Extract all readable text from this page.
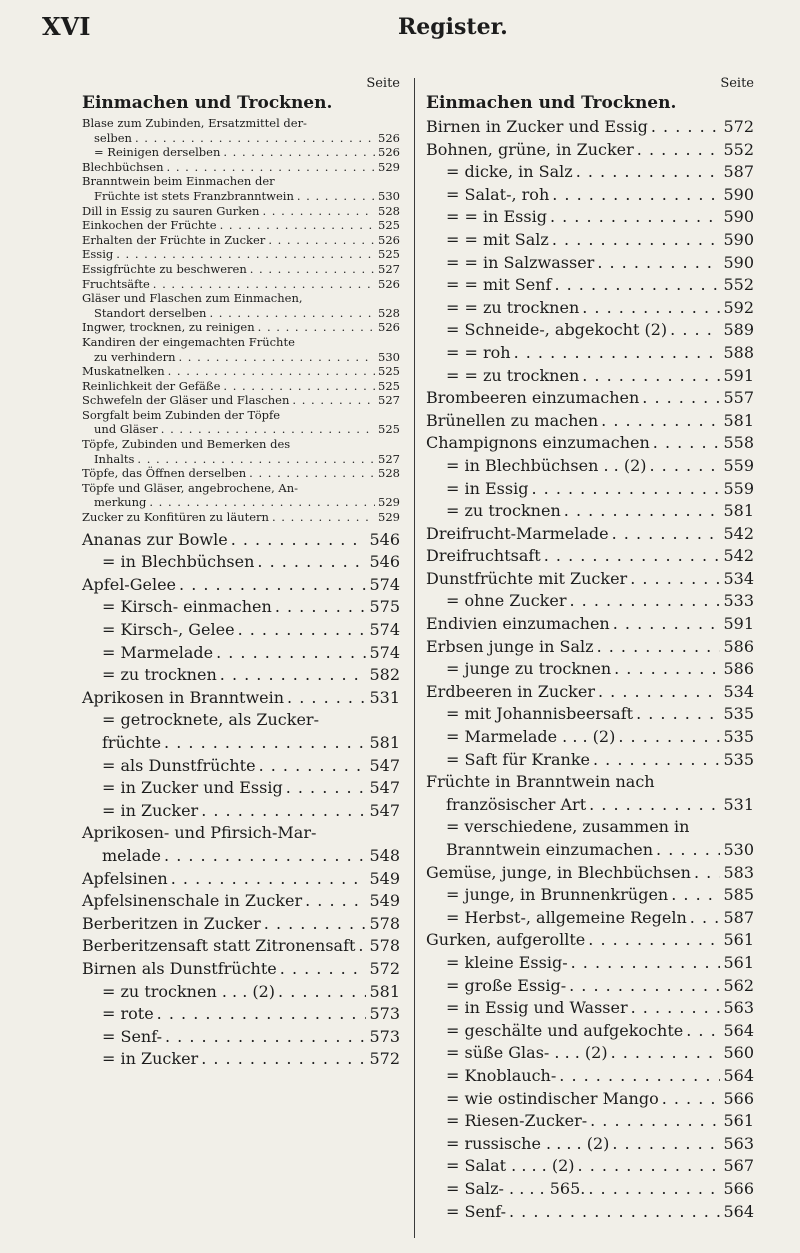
XVI	Register.
Seite
Einmachen und Trocknen.
Blase zum Zubinden, Ersatzmittel der-
selben . . .	526
= Reinigen derselben . . .	526
Blechbüchsen . . .	529
Branntwein beim Einmachen der
Früchte ist stets Franzbranntwein . . .	530
Dill in Essig zu sauren Gurken . . .	528
Einkochen der Früchte . . .	525
Erhalten der Früchte in Zucker . . .	526
Essig . . .	525
Essigfrüchte zu beschweren . . .	527
Fruchtsäfte . . .	526
Gläser und Flaschen zum Einmachen,
Standort derselben . . .	528
Ingwer, trocknen, zu reinigen . . .	526
Kandiren der eingemachten Früchte
zu verhindern . . .	530
Muskatnelken . . .	525
Reinlichkeit der Gefäße . . .	525
Schwefeln der Gläser und Flaschen . . .	527
Sorgfalt beim Zubinden der Töpfe
und Gläser . . .	525
Töpfe, Zubinden und Bemerken des
Inhalts . . .	527
Töpfe, das Öffnen derselben . . .	528
Töpfe und Gläser, angebrochene, An-
merkung . . .	529
Zucker zu Konfitüren zu läutern . . .	529
Ananas zur Bowle . . .	546
= in Blechbüchsen . . .	546
Apfel-Gelee . . .	574
= Kirsch- einmachen . . .	575
= Kirsch-, Gelee . . .	574
= Marmelade . . .	574
= zu trocknen . . .	582
Aprikosen in Branntwein . . .	531
= getrocknete, als Zucker-
früchte . . .	581
= als Dunstfrüchte . . .	547
= in Zucker und Essig . . .	547
= in Zucker . . .	547
Aprikosen- und Pfirsich-Mar-
melade . . .	548
Apfelsinen . . .	549
Apfelsinenschale in Zucker . . .	549
Berberitzen in Zucker . . .	578
Berberitzensaft statt Zitronensaft . . . 578
Birnen als Dunstfrüchte . . .	572
= zu trocknen . . . (2) . . .	581
= rote . . .	573
= Senf- . . .	573
= in Zucker . . .	572
Seite
Einmachen und Trocknen.
Birnen in Zucker und Essig . . .	572
Bohnen, grüne, in Zucker . . .	552
= dicke, in Salz . . .	587
= Salat-, roh . . .	590
= = in Essig . . .	590
= = mit Salz . . .	590
= = in Salzwasser . . .	590
= = mit Senf . . .	552
= = zu trocknen . . .	592
= Schneide-, abgekocht (2) . . .	589
= = roh . . .	588
= = zu trocknen . . .	591
Brombeeren einzumachen . . .	557
Brünellen zu machen . . .	581
Champignons einzumachen . . .	558
= in Blechbüchsen . . (2) . . .	559
= in Essig . . .	559
= zu trocknen . . .	581
Dreifrucht-Marmelade . . .	542
Dreifruchtsaft . . .	542
Dunstfrüchte mit Zucker . . .	534
= ohne Zucker . . .	533
Endivien einzumachen . . .	591
Erbsen junge in Salz . . .	586
= junge zu trocknen . . .	586
Erdbeeren in Zucker . . .	534
= mit Johannisbeersaft . . .	535
= Marmelade . . . (2) . . .	535
= Saft für Kranke . . .	535
Früchte in Branntwein nach
französischer Art . . .	531
= verschiedene, zusammen in
Branntwein einzumachen . . .	530
Gemüse, junge, in Blechbüchsen . . . 583
= junge, in Brunnenkrügen . . .	585
= Herbst-, allgemeine Regeln . . . 587
Gurken, aufgerollte . . .	561
= kleine Essig- . . .	561
= große Essig- . . .	562
= in Essig und Wasser . . .	563
= geschälte und aufgekochte . . .	564
= süße Glas- . . . (2) . . .	560
= Knoblauch- . . .	564
= wie ostindischer Mango . . .	566
= Riesen-Zucker- . . .	561
= russische . . . . (2) . . .	563
= Salat . . . . (2) . . .	567
= Salz- . . . . 565. . . .	566
= Senf- . . .	564
